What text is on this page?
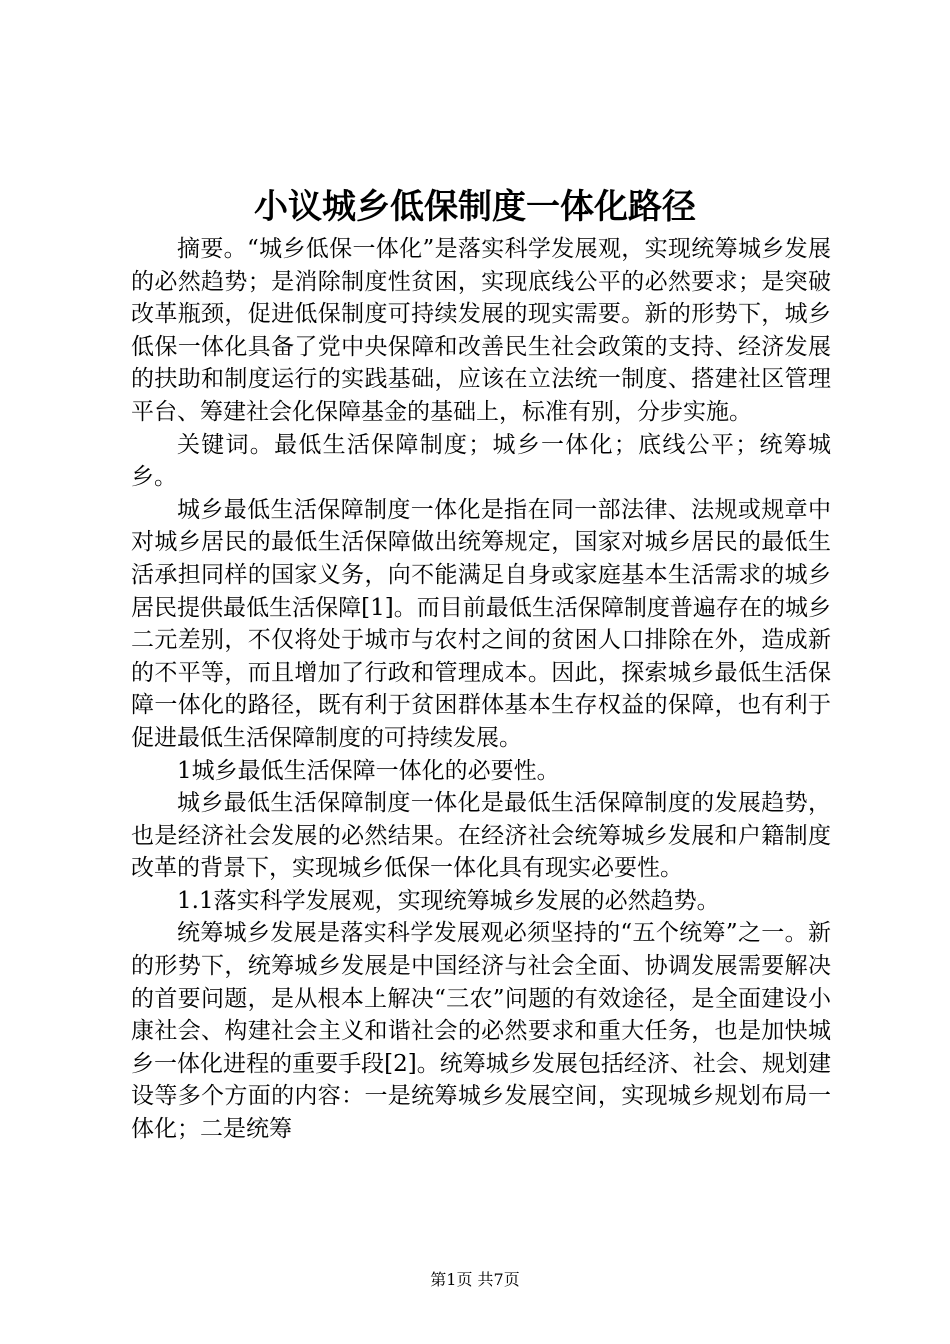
小议城乡低保制度一体化路径

摘要。“城乡低保一体化”是落实科学发展观，实现统筹城乡发展的必然趋势；是消除制度性贫困，实现底线公平的必然要求；是突破改革瓶颈，促进低保制度可持续发展的现实需要。新的形势下，城乡低保一体化具备了党中央保障和改善民生社会政策的支持、经济发展的扶助和制度运行的实践基础，应该在立法统一制度、搭建社区管理平台、筹建社会化保障基金的基础上，标准有别，分步实施。

关键词。最低生活保障制度；城乡一体化；底线公平；统筹城乡。

城乡最低生活保障制度一体化是指在同一部法律、法规或规章中对城乡居民的最低生活保障做出统筹规定，国家对城乡居民的最低生活承担同样的国家义务，向不能满足自身或家庭基本生活需求的城乡居民提供最低生活保障[1]。而目前最低生活保障制度普遍存在的城乡二元差别，不仅将处于城市与农村之间的贫困人口排除在外，造成新的不平等，而且增加了行政和管理成本。因此，探索城乡最低生活保障一体化的路径，既有利于贫困群体基本生存权益的保障，也有利于促进最低生活保障制度的可持续发展。

1城乡最低生活保障一体化的必要性。

城乡最低生活保障制度一体化是最低生活保障制度的发展趋势，也是经济社会发展的必然结果。在经济社会统筹城乡发展和户籍制度改革的背景下，实现城乡低保一体化具有现实必要性。

1.1落实科学发展观，实现统筹城乡发展的必然趋势。

统筹城乡发展是落实科学发展观必须坚持的“五个统筹”之一。新的形势下，统筹城乡发展是中国经济与社会全面、协调发展需要解决的首要问题，是从根本上解决“三农”问题的有效途径，是全面建设小康社会、构建社会主义和谐社会的必然要求和重大任务，也是加快城乡一体化进程的重要手段[2]。统筹城乡发展包括经济、社会、规划建设等多个方面的内容：一是统筹城乡发展空间，实现城乡规划布局一体化；二是统筹

第1页 共7页
